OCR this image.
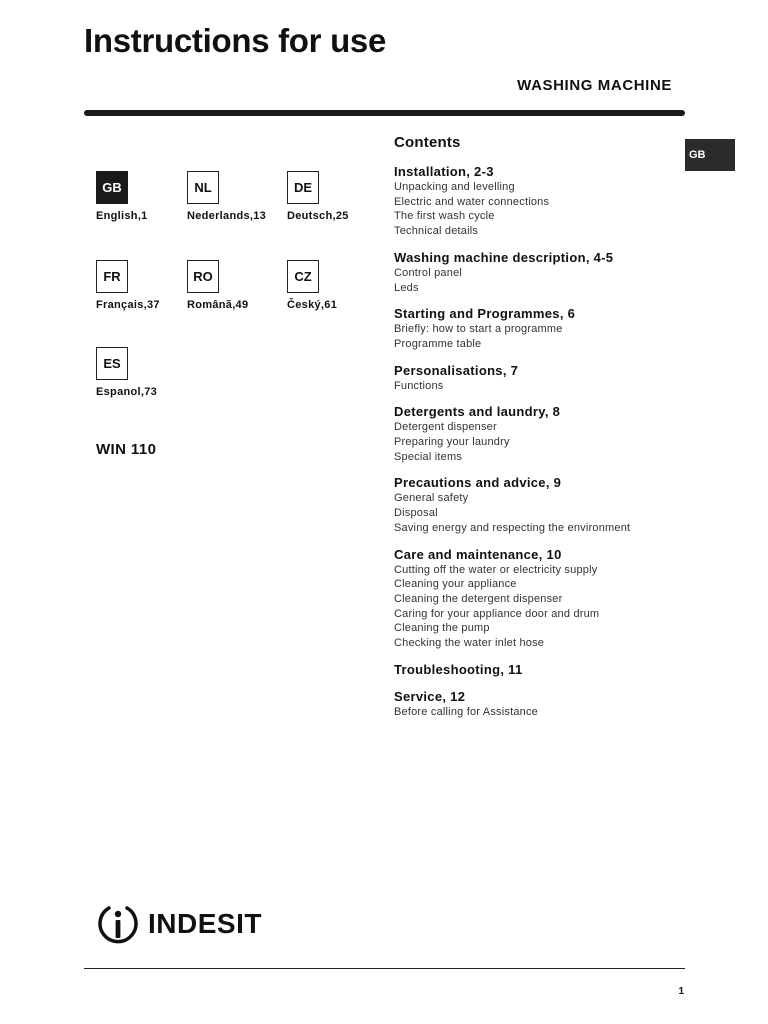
Instructions for use
WASHING MACHINE
GB
GB
English,1
NL
Nederlands,13
DE
Deutsch,25
FR
Français,37
RO
Românã,49
CZ
Český,61
ES
Espanol,73
WIN 110
Contents
Installation, 2-3
Unpacking and levelling
Electric and water connections
The first wash cycle
Technical details
Washing machine description, 4-5
Control panel
Leds
Starting and Programmes, 6
Briefly: how to start a programme
Programme table
Personalisations, 7
Functions
Detergents and laundry, 8
Detergent dispenser
Preparing your laundry
Special items
Precautions and advice, 9
General safety
Disposal
Saving energy and respecting the environment
Care and maintenance, 10
Cutting off the water or electricity supply
Cleaning your appliance
Cleaning the detergent dispenser
Caring for your appliance door and drum
Cleaning the pump
Checking the water inlet hose
Troubleshooting, 11
Service, 12
Before calling for Assistance
INDESIT
1
